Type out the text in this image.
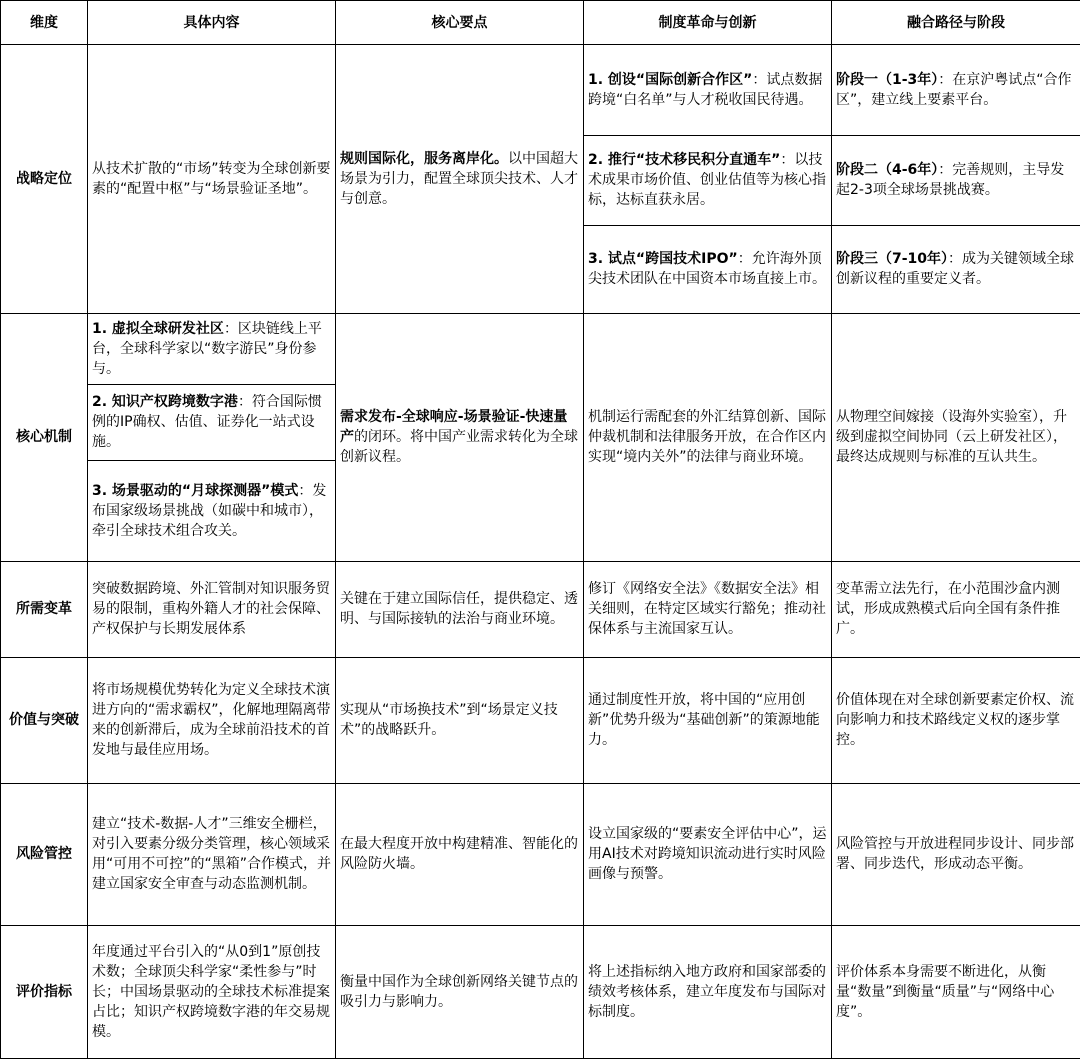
维度	具体内容	核心要点	制度革命与创新	融合路径与阶段
战略定位	从技术扩散的“市场”转变为全球创新要素的“配置中枢”与“场景验证圣地”。	规则国际化，服务离岸化。以中国超大场景为引力，配置全球顶尖技术、人才与创意。	1. 创设“国际创新合作区”：试点数据跨境“白名单”与人才税收国民待遇。	阶段一（1-3年）：在京沪粤试点“合作区”，建立线上要素平台。
			2. 推行“技术移民积分直通车”：以技术成果市场价值、创业估值等为核心指标，达标直获永居。	阶段二（4-6年）：完善规则，主导发起2-3项全球场景挑战赛。
			3. 试点“跨国技术IPO”：允许海外顶尖技术团队在中国资本市场直接上市。	阶段三（7-10年）：成为关键领域全球创新议程的重要定义者。
核心机制	1. 虚拟全球研发社区：区块链线上平台，全球科学家以“数字游民”身份参与。	需求发布-全球响应-场景验证-快速量产的闭环。将中国产业需求转化为全球创新议程。	机制运行需配套的外汇结算创新、国际仲裁机制和法律服务开放，在合作区内实现“境内关外”的法律与商业环境。	从物理空间嫁接（设海外实验室），升级到虚拟空间协同（云上研发社区），最终达成规则与标准的互认共生。
	2. 知识产权跨境数字港：符合国际惯例的IP确权、估值、证券化一站式设施。			
	3. 场景驱动的“月球探测器”模式：发布国家级场景挑战（如碳中和城市），牵引全球技术组合攻关。			
所需变革	突破数据跨境、外汇管制对知识服务贸易的限制，重构外籍人才的社会保障、产权保护与长期发展体系	关键在于建立国际信任，提供稳定、透明、与国际接轨的法治与商业环境。	修订《网络安全法》《数据安全法》相关细则，在特定区域实行豁免；推动社保体系与主流国家互认。	变革需立法先行，在小范围沙盒内测试，形成成熟模式后向全国有条件推广。
价值与突破	将市场规模优势转化为定义全球技术演进方向的“需求霸权”，化解地理隔离带来的创新滞后，成为全球前沿技术的首发地与最佳应用场。	实现从“市场换技术”到“场景定义技术”的战略跃升。	通过制度性开放，将中国的“应用创新”优势升级为“基础创新”的策源地能力。	价值体现在对全球创新要素定价权、流向影响力和技术路线定义权的逐步掌控。
风险管控	建立“技术-数据-人才”三维安全栅栏，对引入要素分级分类管理，核心领域采用“可用不可控”的“黑箱”合作模式，并建立国家安全审查与动态监测机制。	在最大程度开放中构建精准、智能化的风险防火墙。	设立国家级的“要素安全评估中心”，运用AI技术对跨境知识流动进行实时风险画像与预警。	风险管控与开放进程同步设计、同步部署、同步迭代，形成动态平衡。
评价指标	年度通过平台引入的“从0到1”原创技术数；全球顶尖科学家“柔性参与”时长；中国场景驱动的全球技术标准提案占比；知识产权跨境数字港的年交易规模。	衡量中国作为全球创新网络关键节点的吸引力与影响力。	将上述指标纳入地方政府和国家部委的绩效考核体系，建立年度发布与国际对标制度。	评价体系本身需要不断进化，从衡量“数量”到衡量“质量”与“网络中心度”。
